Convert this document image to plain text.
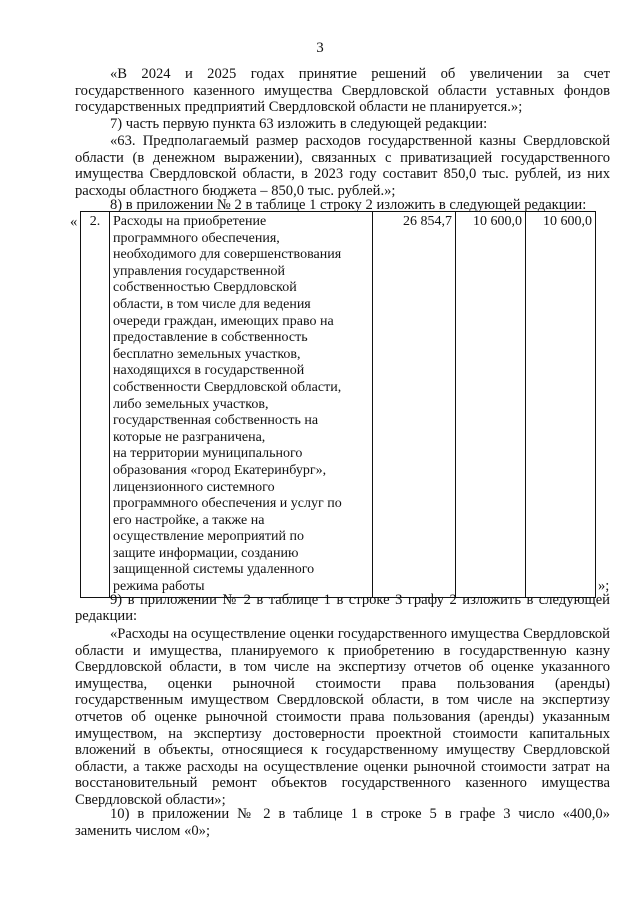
3

«В 2024 и 2025 годах принятие решений об увеличении за счет государственного казенного имущества Свердловской области уставных фондов государственных предприятий Свердловской области не планируется.»;

7) часть первую пункта 63 изложить в следующей редакции:

«63. Предполагаемый размер расходов государственной казны Свердловской области (в денежном выражении), связанных с приватизацией государственного имущества Свердловской области, в 2023 году составит 850,0 тыс. рублей, из них расходы областного бюджета – 850,0 тыс. рублей.»;

8) в приложении № 2 в таблице 1 строку 2 изложить в следующей редакции:

« 2.	Расходы на приобретение
программного обеспечения,
необходимого для совершенствования
управления государственной
собственностью Свердловской
области, в том числе для ведения
очереди граждан, имеющих право на
предоставление в собственность
бесплатно земельных участков,
находящихся в государственной
собственности Свердловской области,
либо земельных участков,
государственная собственность на
которые не разграничена,
на территории муниципального
образования «город Екатеринбург»,
лицензионного системного
программного обеспечения и услуг по
его настройке, а также на
осуществление мероприятий по
защите информации, созданию
защищенной системы удаленного
режима работы	26 854,7	10 600,0	10 600,0
»;

9) в приложении № 2 в таблице 1 в строке 3 графу 2 изложить в следующей

редакции:

«Расходы на осуществление оценки государственного имущества Свердловской области и имущества, планируемого к приобретению в государственную казну Свердловской области, в том числе на экспертизу отчетов об оценке указанного имущества, оценки рыночной стоимости права пользования (аренды) государственным имуществом Свердловской области, в том числе на экспертизу отчетов об оценке рыночной стоимости права пользования (аренды) указанным имуществом, на экспертизу достоверности проектной стоимости капитальных вложений в объекты, относящиеся к государственному имуществу Свердловской области, а также расходы на осуществление оценки рыночной стоимости затрат на восстановительный ремонт объектов государственного казенного имущества Свердловской области»;

10) в приложении № 2 в таблице 1 в строке 5 в графе 3 число «400,0»

заменить числом «0»;
